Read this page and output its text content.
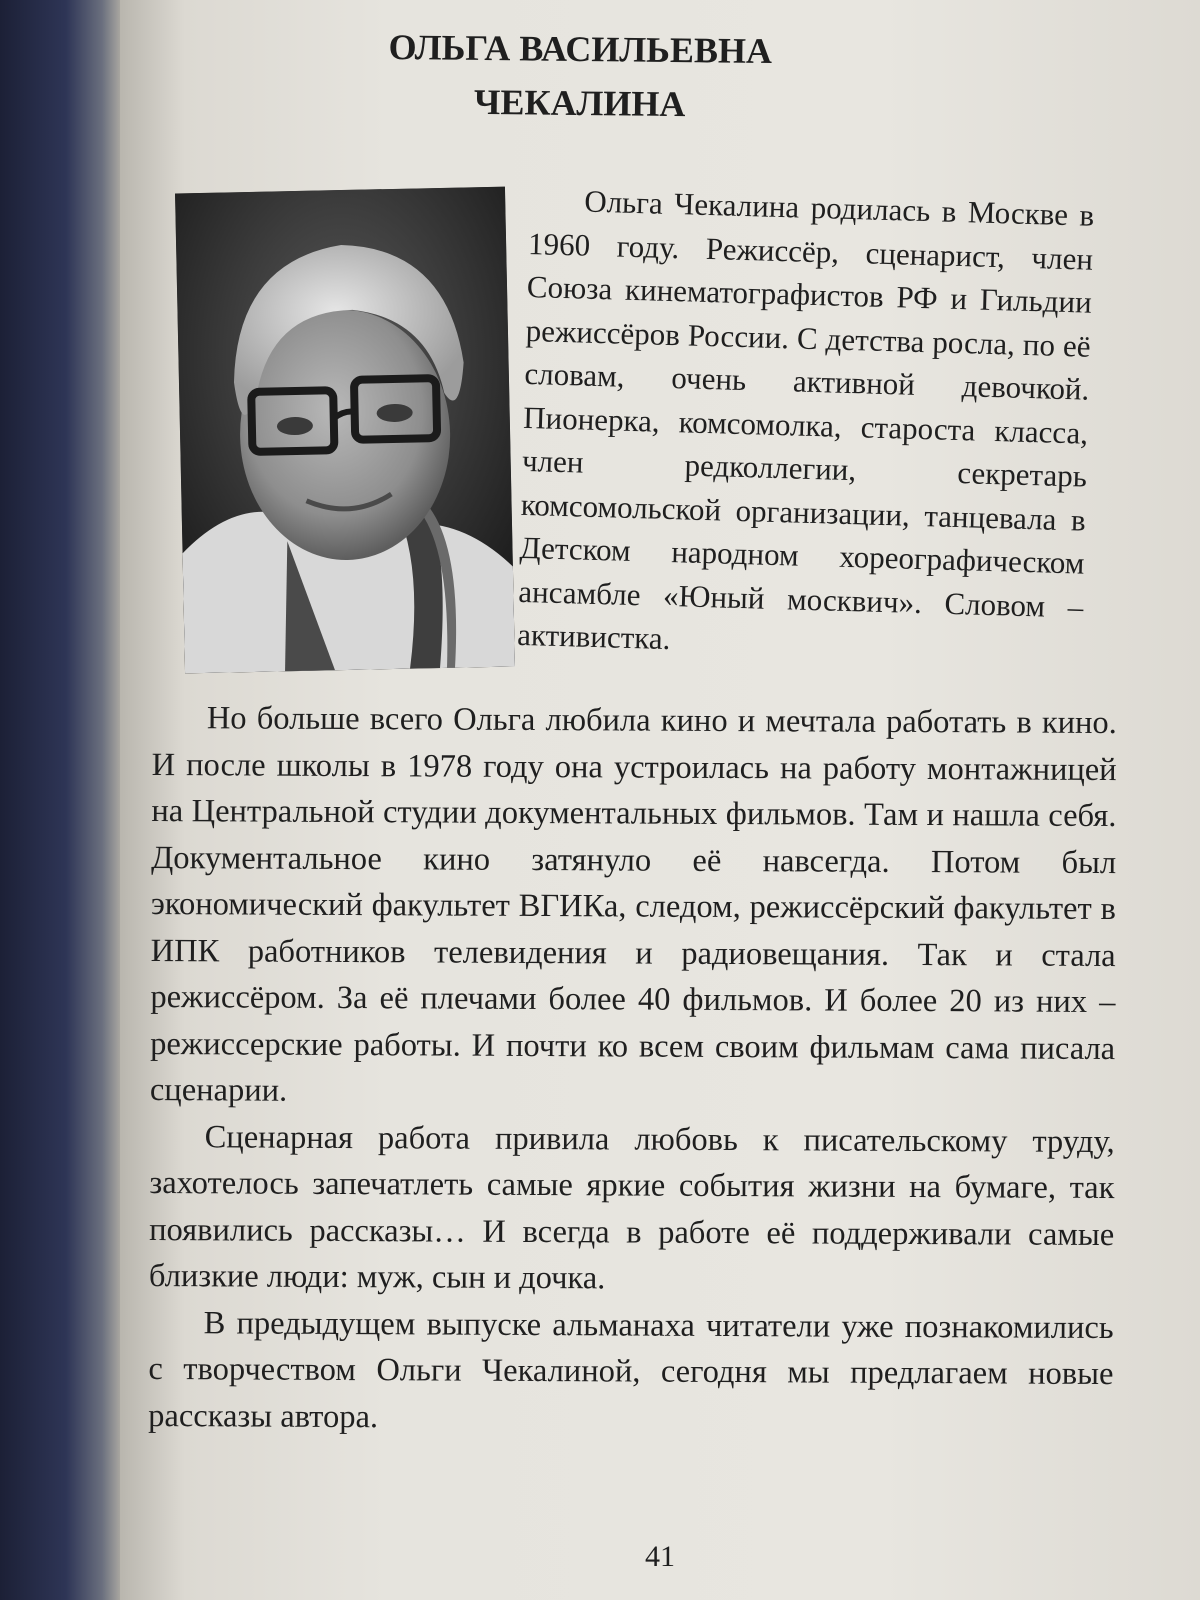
ОЛЬГА ВАСИЛЬЕВНА
ЧЕКАЛИНА

Ольга Чекалина родилась в Москве в 1960 году. Режиссёр, сценарист, член Союза кинематографистов РФ и Гильдии режиссёров России. С детства росла, по её словам, очень активной девочкой. Пионерка, комсомолка, староста класса, член редколлегии, секретарь комсомольской организации, танцевала в Детском народном хореографическом ансамбле «Юный москвич». Словом – активистка.

Но больше всего Ольга любила кино и мечтала работать в кино. И после школы в 1978 году она устроилась на работу монтажницей на Центральной студии документальных фильмов. Там и нашла себя. Документальное кино затянуло её навсегда. Потом был экономический факультет ВГИКа, следом, режиссёрский факультет в ИПК работников телевидения и радиовещания. Так и стала режиссёром. За её плечами более 40 фильмов. И более 20 из них – режиссерские работы. И почти ко всем своим фильмам сама писала сценарии.

Сценарная работа привила любовь к писательскому труду, захотелось запечатлеть самые яркие события жизни на бумаге, так появились рассказы… И всегда в работе её поддерживали самые близкие люди: муж, сын и дочка.

В предыдущем выпуске альманаха читатели уже познакомились с творчеством Ольги Чекалиной, сегодня мы предлагаем новые рассказы автора.

41
